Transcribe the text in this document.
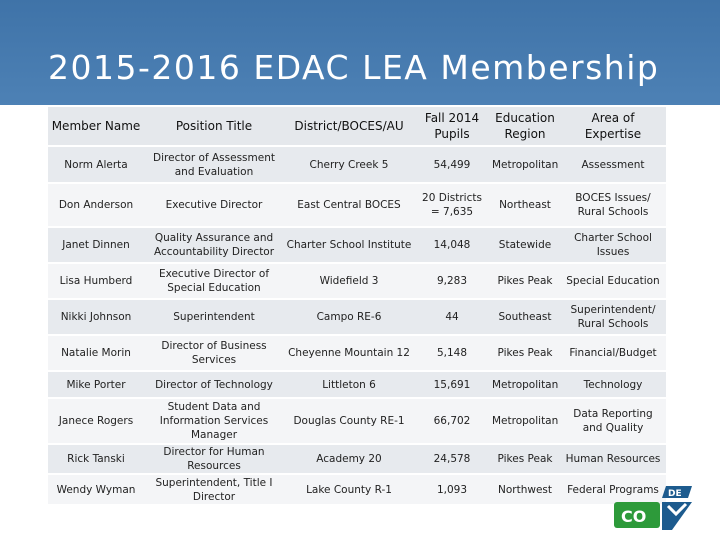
2015-2016 EDAC LEA Membership
Member Name	Position Title	District/BOCES/AU	Fall 2014 Pupils	Education Region	Area of Expertise
Norm Alerta	Director of Assessment and Evaluation	Cherry Creek 5	54,499	Metropolitan	Assessment
Don Anderson	Executive Director	East Central BOCES	20 Districts = 7,635	Northeast	BOCES Issues/ Rural Schools
Janet Dinnen	Quality Assurance and Accountability Director	Charter School Institute	14,048	Statewide	Charter School Issues
Lisa Humberd	Executive Director of Special Education	Widefield 3	9,283	Pikes Peak	Special Education
Nikki Johnson	Superintendent	Campo RE-6	44	Southeast	Superintendent/ Rural Schools
Natalie Morin	Director of Business Services	Cheyenne Mountain 12	5,148	Pikes Peak	Financial/Budget
Mike Porter	Director of Technology	Littleton 6	15,691	Metropolitan	Technology
Janece Rogers	Student Data and Information Services Manager	Douglas County RE-1	66,702	Metropolitan	Data Reporting and Quality
Rick Tanski	Director for Human Resources	Academy 20	24,578	Pikes Peak	Human Resources
Wendy Wyman	Superintendent, Title I Director	Lake County R-1	1,093	Northwest	Federal Programs DE
CO
